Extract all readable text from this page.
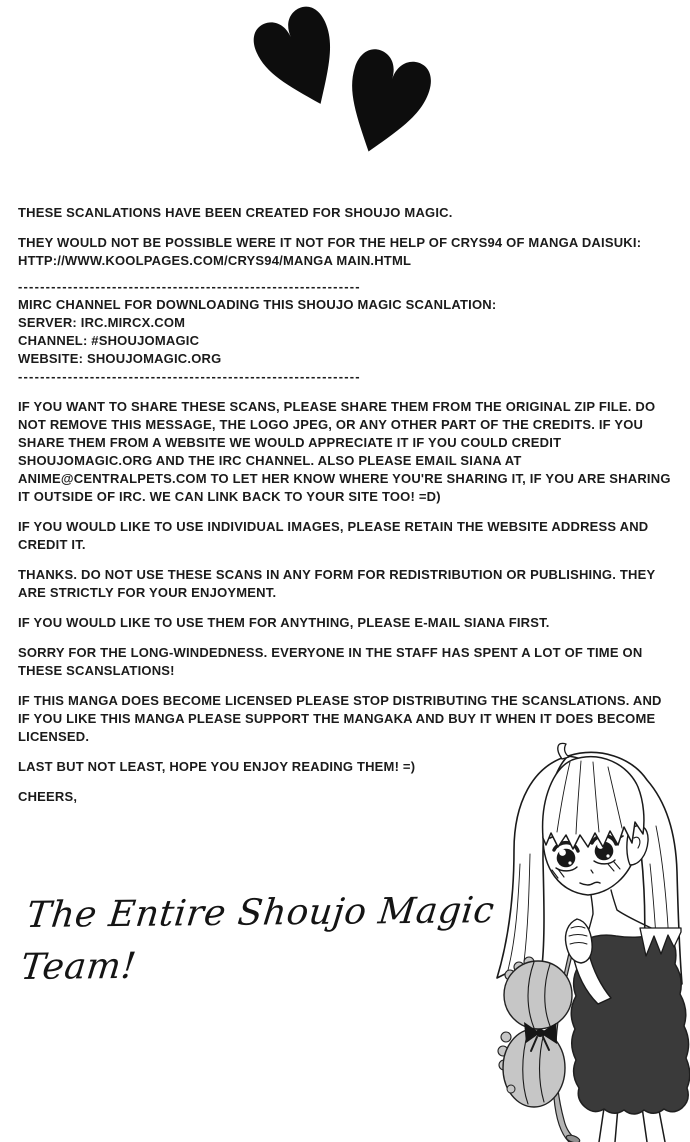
THESE SCANLATIONS HAVE BEEN CREATED FOR SHOUJO MAGIC.

THEY WOULD NOT BE POSSIBLE WERE IT NOT FOR THE HELP OF CRYS94 OF MANGA DAISUKI: HTTP://WWW.KOOLPAGES.COM/CRYS94/MANGA MAIN.HTML

--------------------------------------------------------------

MIRC CHANNEL FOR DOWNLOADING THIS SHOUJO MAGIC SCANLATION:

SERVER: IRC.MIRCX.COM

CHANNEL: #SHOUJOMAGIC

WEBSITE: SHOUJOMAGIC.ORG

--------------------------------------------------------------

IF YOU WANT TO SHARE THESE SCANS, PLEASE SHARE THEM FROM THE ORIGINAL ZIP FILE. DO NOT REMOVE THIS MESSAGE, THE LOGO JPEG, OR ANY OTHER PART OF THE CREDITS. IF YOU SHARE THEM FROM A WEBSITE WE WOULD APPRECIATE IT IF YOU COULD CREDIT SHOUJOMAGIC.ORG AND THE IRC CHANNEL. ALSO PLEASE EMAIL SIANA AT ANIME@CENTRALPETS.COM TO LET HER KNOW WHERE YOU'RE SHARING IT, IF YOU ARE SHARING IT OUTSIDE OF IRC. WE CAN LINK BACK TO YOUR SITE TOO! =D)

IF YOU WOULD LIKE TO USE INDIVIDUAL IMAGES, PLEASE RETAIN THE WEBSITE ADDRESS AND CREDIT IT.

THANKS. DO NOT USE THESE SCANS IN ANY FORM FOR REDISTRIBUTION OR PUBLISHING. THEY ARE STRICTLY FOR YOUR ENJOYMENT.

IF YOU WOULD LIKE TO USE THEM FOR ANYTHING, PLEASE E-MAIL SIANA FIRST.

SORRY FOR THE LONG-WINDEDNESS. EVERYONE IN THE STAFF HAS SPENT A LOT OF TIME ON THESE SCANSLATIONS!

IF THIS MANGA DOES BECOME LICENSED PLEASE STOP DISTRIBUTING THE SCANSLATIONS. AND IF YOU LIKE THIS MANGA PLEASE SUPPORT THE MANGAKA AND BUY IT WHEN IT DOES BECOME LICENSED.

LAST BUT NOT LEAST, HOPE YOU ENJOY READING THEM! =)

CHEERS,

The Entire Shoujo Magic Team!
